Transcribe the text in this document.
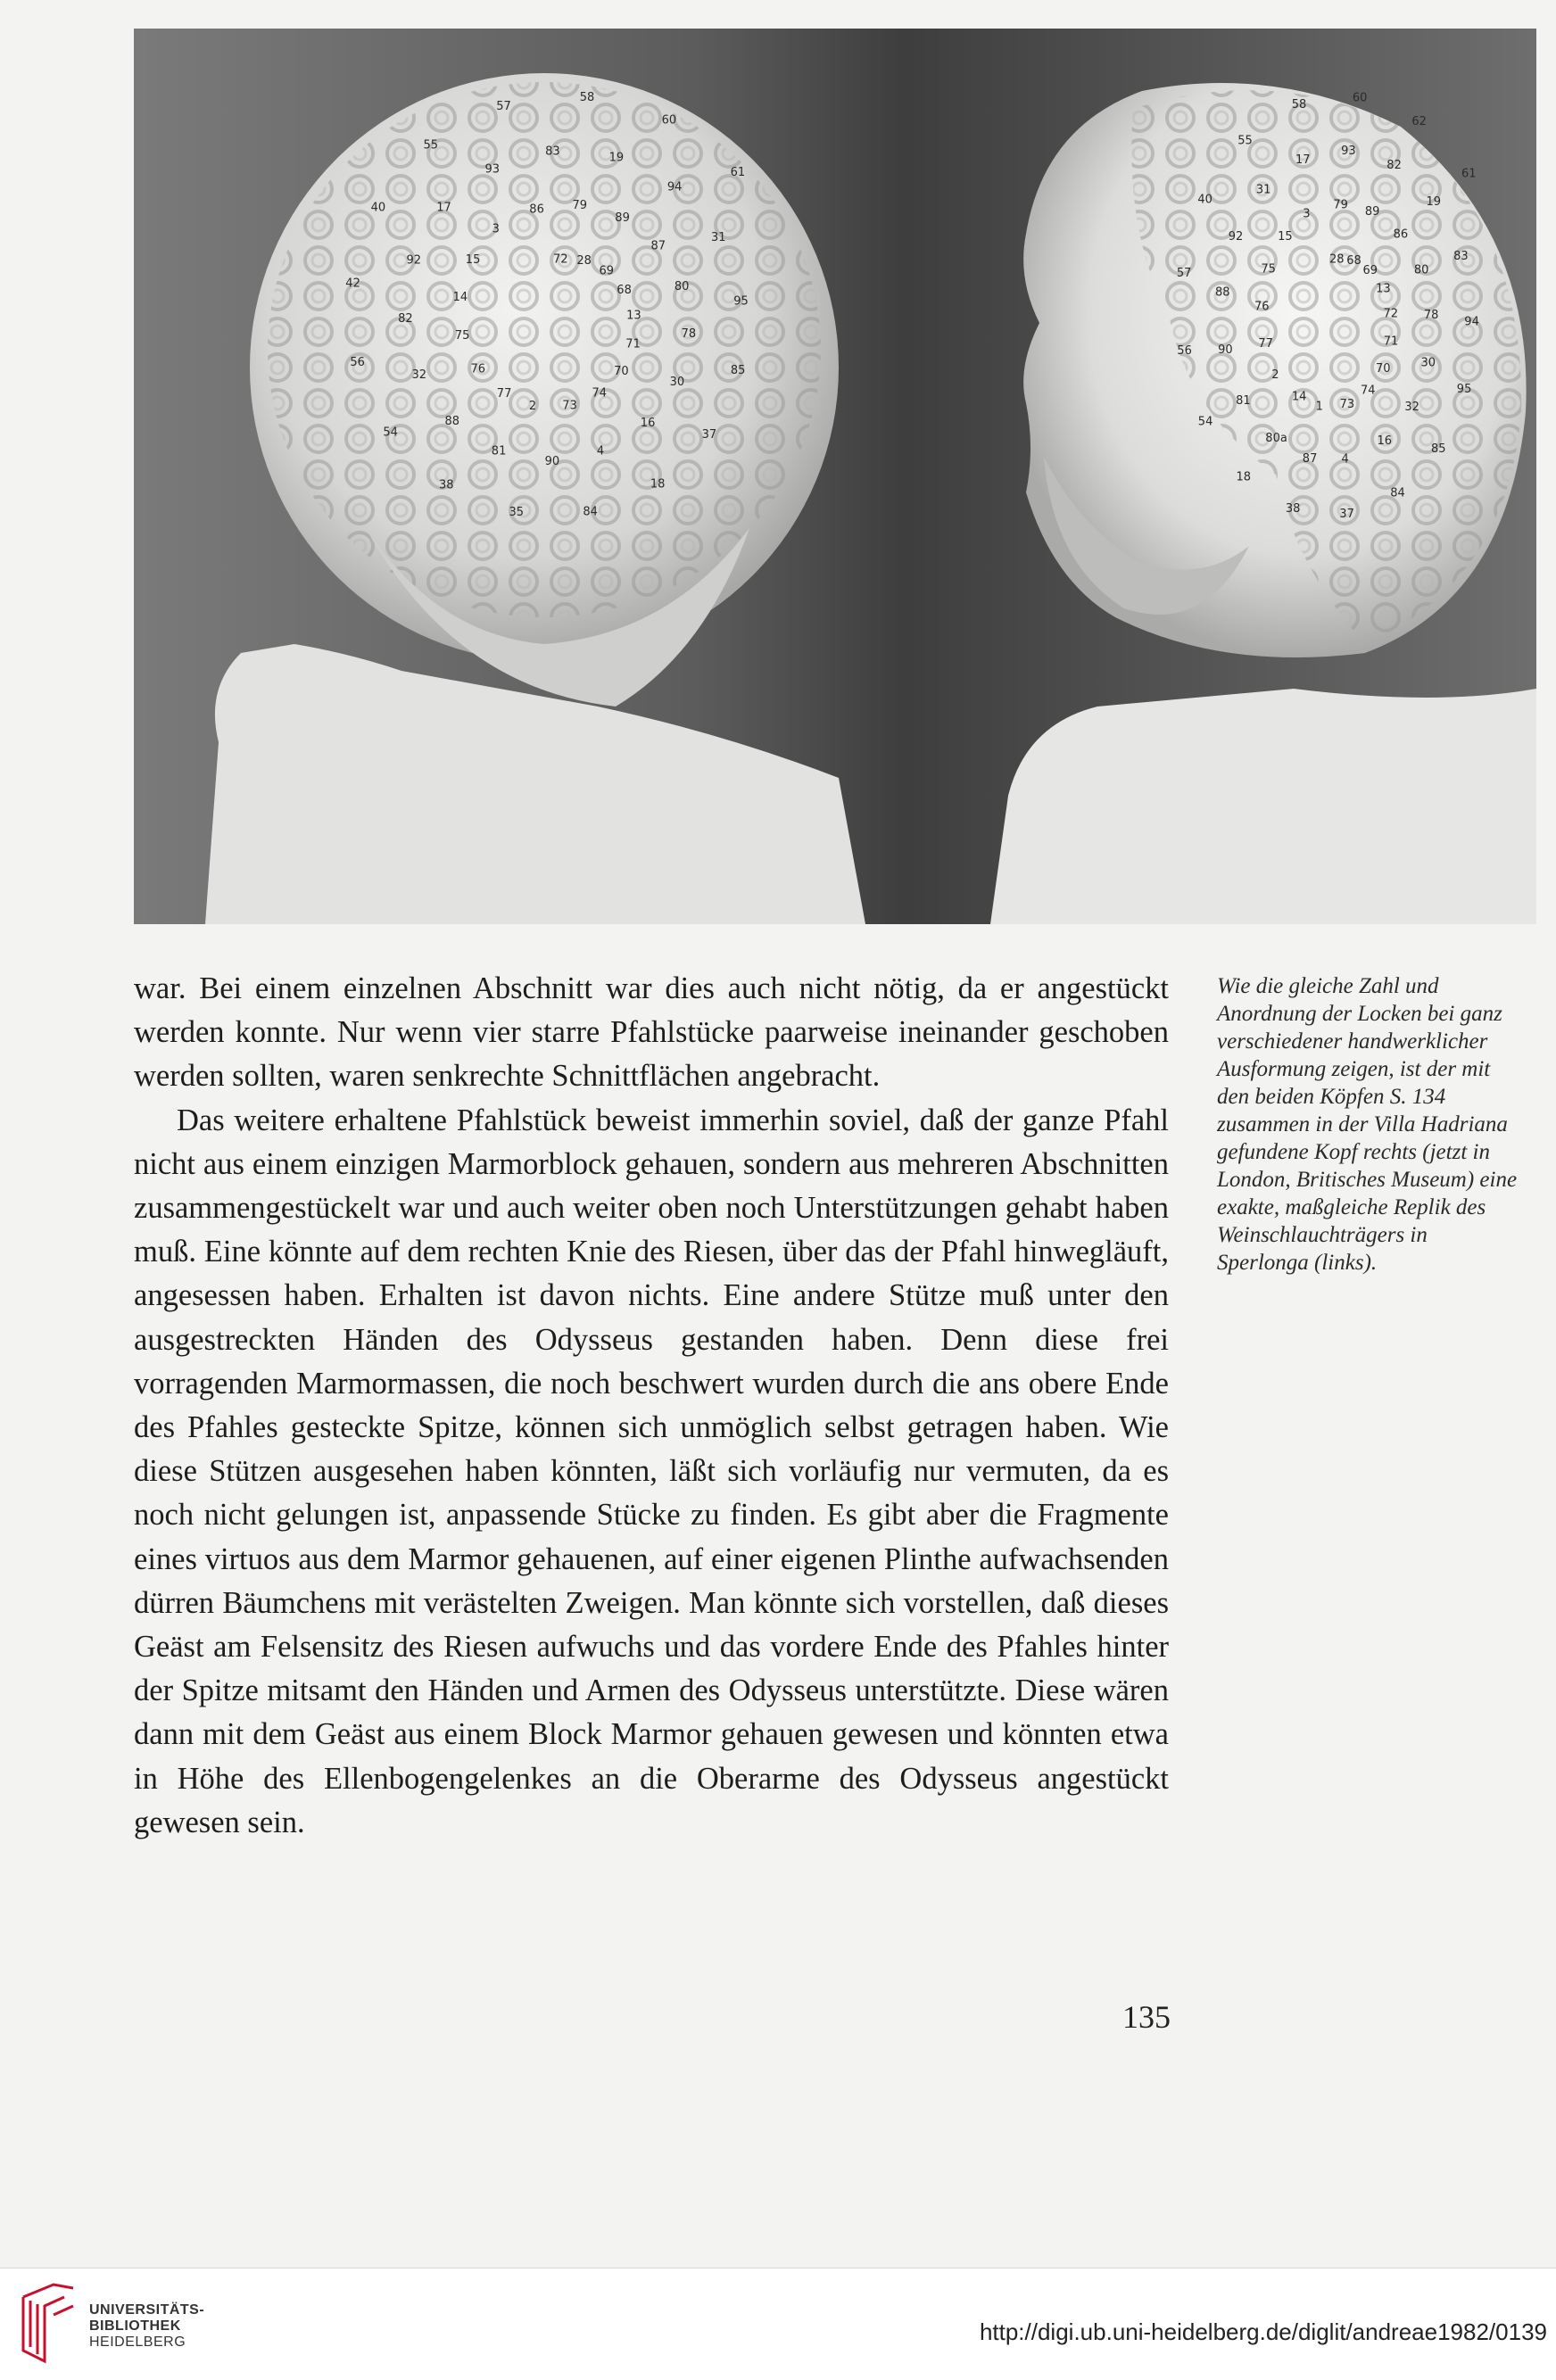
72 28
69
68
13
71
70
74
73
2
77
76
75
14
15
3
86 79
89
87
80
78
30
16
4
90
81
88
32
82
92
17
93
83	19
94
31
95
85
37
18
84
35
38
54
56
42
40
55
57
58
60
61
28 68
69
13
72
71
70
74
73
1
14
2
77
76
75
15
3
79
89
86
80
78
30
32
16
4
87
80a
81
90
88
92
31
17
93
82
19
83
94
95
85
84
37
38
18
54
56
57
40
55
58
60
62
61

war. Bei einem einzelnen Abschnitt war dies auch nicht nötig, da er angestückt werden konnte. Nur wenn vier starre Pfahlstücke paarweise ineinander geschoben werden sollten, waren senkrechte Schnittflächen angebracht.

Das weitere erhaltene Pfahlstück beweist immerhin soviel, daß der ganze Pfahl nicht aus einem einzigen Marmorblock gehauen, sondern aus mehreren Abschnitten zusammengestückelt war und auch weiter oben noch Unterstützungen gehabt haben muß. Eine könnte auf dem rechten Knie des Riesen, über das der Pfahl hinwegläuft, angesessen haben. Erhalten ist davon nichts. Eine andere Stütze muß unter den ausgestreckten Händen des Odysseus gestanden haben. Denn diese frei vorragenden Marmormassen, die noch beschwert wurden durch die ans obere Ende des Pfahles gesteckte Spitze, können sich unmöglich selbst getragen haben. Wie diese Stützen ausgesehen haben könnten, läßt sich vorläufig nur vermuten, da es noch nicht gelungen ist, anpassende Stücke zu finden. Es gibt aber die Fragmente eines virtuos aus dem Marmor gehauenen, auf einer eigenen Plinthe aufwachsenden dürren Bäumchens mit verästelten Zweigen. Man könnte sich vorstellen, daß dieses Geäst am Felsensitz des Riesen aufwuchs und das vordere Ende des Pfahles hinter der Spitze mitsamt den Händen und Armen des Odysseus unterstützte. Diese wären dann mit dem Geäst aus einem Block Marmor gehauen gewesen und könnten etwa in Höhe des Ellenbogengelenkes an die Oberarme des Odysseus angestückt gewesen sein.

Wie die gleiche Zahl und Anordnung der Locken bei ganz verschiedener handwerklicher Ausformung zeigen, ist der mit den beiden Köpfen S. 134 zusammen in der Villa Hadriana gefundene Kopf rechts (jetzt in London, Britisches Museum) eine exakte, maßgleiche Replik des Weinschlauchträgers in Sperlonga (links).
135
UNIVERSITÄTS-
BIBLIOTHEK
HEIDELBERG	http://digi.ub.uni-heidelberg.de/diglit/andreae1982/0139
